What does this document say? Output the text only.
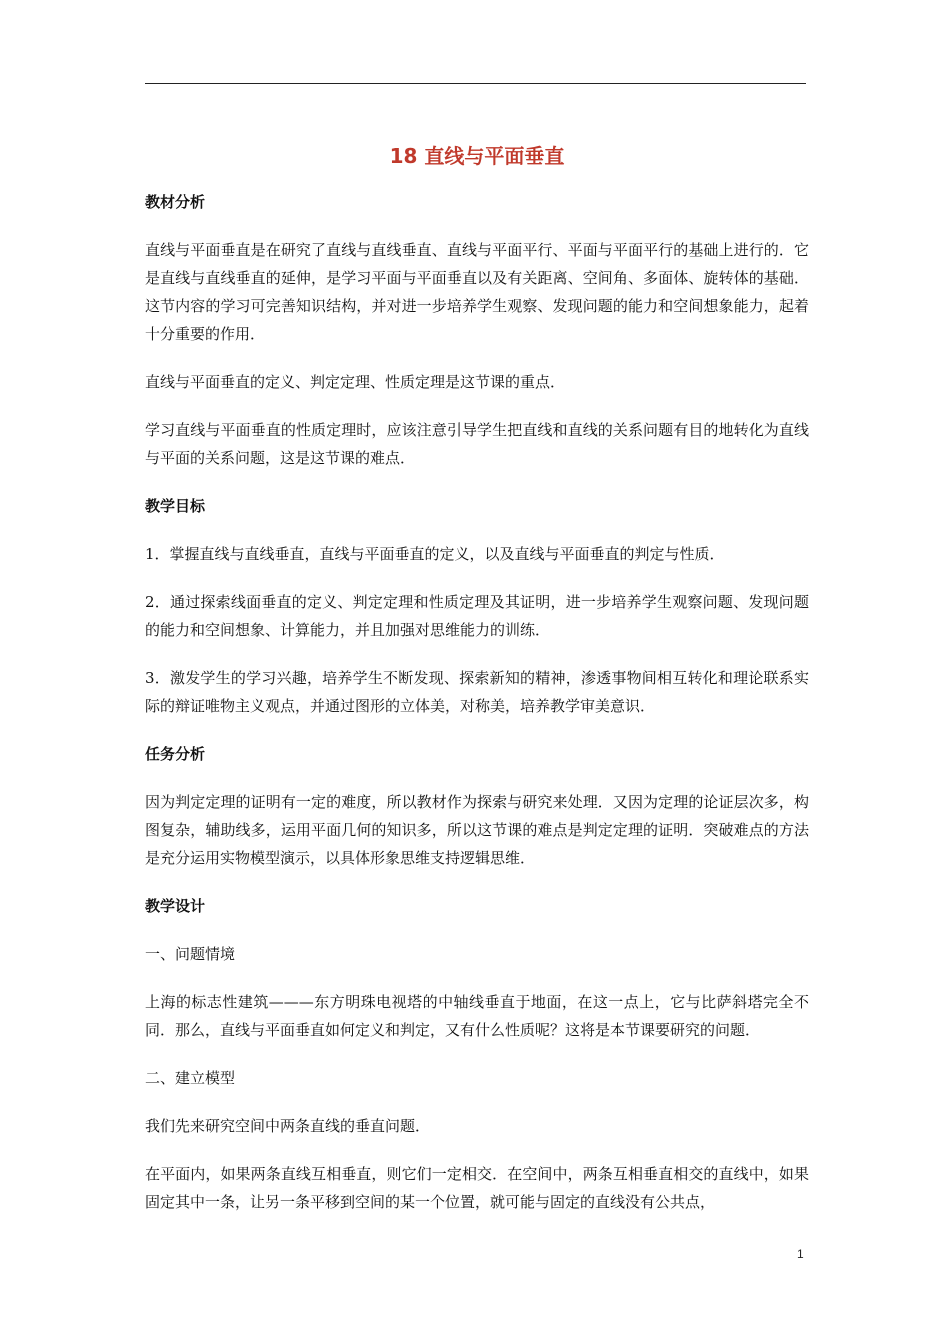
18 直线与平面垂直
教材分析

直线与平面垂直是在研究了直线与直线垂直、直线与平面平行、平面与平面平行的基础上进行的．它是直线与直线垂直的延伸，是学习平面与平面垂直以及有关距离、空间角、多面体、旋转体的基础．这节内容的学习可完善知识结构，并对进一步培养学生观察、发现问题的能力和空间想象能力，起着十分重要的作用．

直线与平面垂直的定义、判定定理、性质定理是这节课的重点．

学习直线与平面垂直的性质定理时，应该注意引导学生把直线和直线的关系问题有目的地转化为直线与平面的关系问题，这是这节课的难点．

教学目标

1．掌握直线与直线垂直，直线与平面垂直的定义，以及直线与平面垂直的判定与性质．

2．通过探索线面垂直的定义、判定定理和性质定理及其证明，进一步培养学生观察问题、发现问题的能力和空间想象、计算能力，并且加强对思维能力的训练．

3．激发学生的学习兴趣，培养学生不断发现、探索新知的精神，渗透事物间相互转化和理论联系实际的辩证唯物主义观点，并通过图形的立体美，对称美，培养教学审美意识．

任务分析

因为判定定理的证明有一定的难度，所以教材作为探索与研究来处理．又因为定理的论证层次多，构图复杂，辅助线多，运用平面几何的知识多，所以这节课的难点是判定定理的证明．突破难点的方法是充分运用实物模型演示，以具体形象思维支持逻辑思维．

教学设计

一、问题情境

上海的标志性建筑———东方明珠电视塔的中轴线垂直于地面，在这一点上，它与比萨斜塔完全不同．那么，直线与平面垂直如何定义和判定，又有什么性质呢？这将是本节课要研究的问题．

二、建立模型

我们先来研究空间中两条直线的垂直问题．

在平面内，如果两条直线互相垂直，则它们一定相交．在空间中，两条互相垂直相交的直线中，如果固定其中一条，让另一条平移到空间的某一个位置，就可能与固定的直线没有公共点，

1
